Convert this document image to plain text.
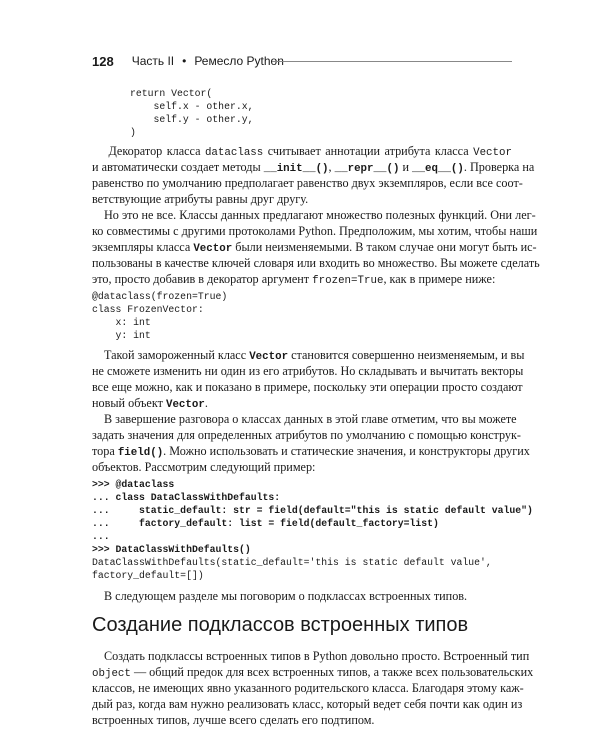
128 Часть II • Ремесло Python
return Vector(
self.x - other.x,
self.y - other.y,
)
Декоратор класса dataclass считывает аннотации атрибута класса Vector
и автоматически создает методы __init__(), __repr__() и __eq__(). Проверка на
равенство по умолчанию предполагает равенство двух экземпляров, если все соот-
ветствующие атрибуты равны друг другу.
Но это не все. Классы данных предлагают множество полезных функций. Они лег-
ко совместимы с другими протоколами Python. Предположим, мы хотим, чтобы наши
экземпляры класса Vector были неизменяемыми. В таком случае они могут быть ис-
пользованы в качестве ключей словаря или входить во множество. Вы можете сделать
это, просто добавив в декоратор аргумент frozen=True, как в примере ниже:
@dataclass(frozen=True)
class FrozenVector:
x: int
y: int
Такой замороженный класс Vector становится совершенно неизменяемым, и вы
не сможете изменить ни один из его атрибутов. Но складывать и вычитать векторы
все еще можно, как и показано в примере, поскольку эти операции просто создают
новый объект Vector.
В завершение разговора о классах данных в этой главе отметим, что вы можете
задать значения для определенных атрибутов по умолчанию с помощью конструк-
тора field(). Можно использовать и статические значения, и конструкторы других
объектов. Рассмотрим следующий пример:
>>> @dataclass
... class DataClassWithDefaults:
...     static_default: str = field(default="this is static default value")
...     factory_default: list = field(default_factory=list)
...
>>> DataClassWithDefaults()
DataClassWithDefaults(static_default='this is static default value',
factory_default=[])
В следующем разделе мы поговорим о подклассах встроенных типов.
Создание подклассов встроенных типов
Создать подклассы встроенных типов в Python довольно просто. Встроенный тип
object — общий предок для всех встроенных типов, а также всех пользовательских
классов, не имеющих явно указанного родительского класса. Благодаря этому каж-
дый раз, когда вам нужно реализовать класс, который ведет себя почти как один из
встроенных типов, лучше всего сделать его подтипом.
